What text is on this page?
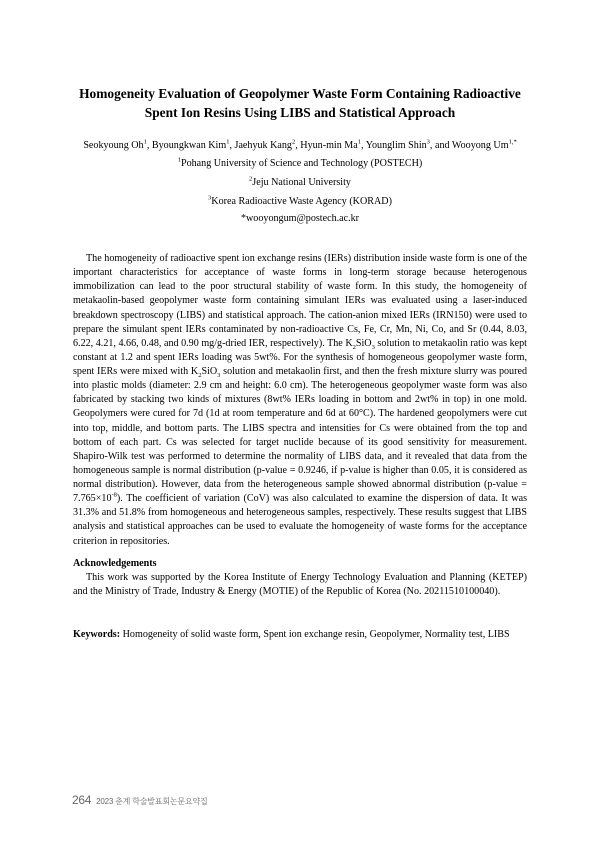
Homogeneity Evaluation of Geopolymer Waste Form Containing Radioactive
Spent Ion Resins Using LIBS and Statistical Approach
Seokyoung Oh$^1$, Byoungkwan Kim$^1$, Jaehyuk Kang$^2$, Hyun-min Ma$^1$, Younglim Shin$^3$, and Wooyong $Um^{1,*}$
$^1$Pohang University of Science and Technology (POSTECH)
$^2$Jeju National University
$^3$Korea Radioactive Waste Agency (KORAD)
*wooyongum@postech.ac.kr

The homogeneity of radioactive spent ion exchange resins (IERs) distribution inside waste form is one of the important characteristics for acceptance of waste forms in long-term storage because heterogenous immobilization can lead to the poor structural stability of waste form. In this study, the homogeneity of metakaolin-based geopolymer waste form containing simulant IERs was evaluated using a laser-induced breakdown spectroscopy (LIBS) and statistical approach. The cation-anion mixed IERs (IRN150) were used to prepare the simulant spent IERs contaminated by non-radioactive Cs, Fe, Cr, Mn, Ni, Co, and Sr (0.44, 8.03, 6.22, 4.21, 4.66, 0.48, and 0.90 mg/g-dried IER, respectively). The $K_2SiO_3$ solution to metakaolin ratio was kept constant at 1.2 and spent IERs loading was 5wt%. For the synthesis of homogeneous geopolymer waste form, spent IERs were mixed with $K_2SiO_3$ solution and metakaolin first, and then the fresh mixture slurry was poured into plastic molds (diameter: 2.9 cm and height: 6.0 cm). The heterogeneous geopolymer waste form was also fabricated by stacking two kinds of mixtures (8wt% IERs loading in bottom and 2wt% in top) in one mold. Geopolymers were cured for 7d (1d at room temperature and 6d at 60°C). The hardened geopolymers were cut into top, middle, and bottom parts. The LIBS spectra and intensities for Cs were obtained from the top and bottom of each part. Cs was selected for target nuclide because of its good sensitivity for measurement. Shapiro-Wilk test was performed to determine the normality of LIBS data, and it revealed that data from the homogeneous sample is normal distribution (p-value = 0.9246, if p-value is higher than 0.05, it is considered as normal distribution). However, data from the heterogeneous sample showed abnormal distribution (p-value = $7.765\times 10^{-8}$). The coefficient of variation (CoV) was also calculated to examine the dispersion of data. It was 31.3% and 51.8% from homogeneous and heterogeneous samples, respectively. These results suggest that LIBS analysis and statistical approaches can be used to evaluate the homogeneity of waste forms for the acceptance criterion in repositories.

Acknowledgements

This work was supported by the Korea Institute of Energy Technology Evaluation and Planning (KETEP) and the Ministry of Trade, Industry & Energy (MOTIE) of the Republic of Korea (No. 20211510100040).

Keywords: Homogeneity of solid waste form, Spent ion exchange resin, Geopolymer, Normality test, LIBS

264 2023 춘계 학술발표회논문요약집
